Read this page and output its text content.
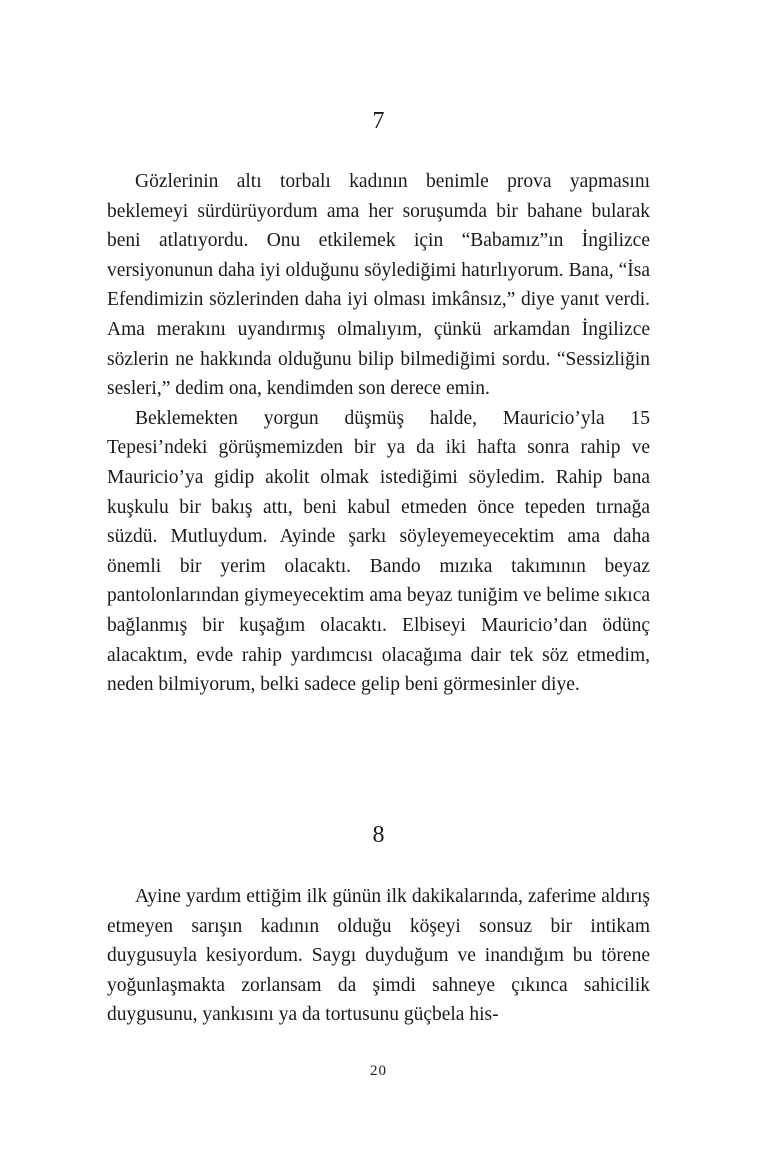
7

Gözlerinin altı torbalı kadının benimle prova yapmasını beklemeyi sürdürüyordum ama her soruşumda bir bahane bularak beni atlatıyordu. Onu etkilemek için “Babamız”ın İngilizce versiyonunun daha iyi olduğunu söylediğimi hatırlıyorum. Bana, “İsa Efendimizin sözlerinden daha iyi olması imkânsız,” diye yanıt verdi. Ama merakını uyandırmış olmalıyım, çünkü arkamdan İngilizce sözlerin ne hakkında olduğunu bilip bilmediğimi sordu. “Sessizliğin sesleri,” dedim ona, kendimden son derece emin.

Beklemekten yorgun düşmüş halde, Mauricio’yla 15 Tepesi’ndeki görüşmemizden bir ya da iki hafta sonra rahip ve Mauricio’ya gidip akolit olmak istediğimi söyledim. Rahip bana kuşkulu bir bakış attı, beni kabul etmeden önce tepeden tırnağa süzdü. Mutluydum. Ayinde şarkı söyleyemeyecektim ama daha önemli bir yerim olacaktı. Bando mızıka takımının beyaz pantolonlarından giymeyecektim ama beyaz tuniğim ve belime sıkıca bağlanmış bir kuşağım olacaktı. Elbiseyi Mauricio’dan ödünç alacaktım, evde rahip yardımcısı olacağıma dair tek söz etmedim, neden bilmiyorum, belki sadece gelip beni görmesinler diye.

8

Ayine yardım ettiğim ilk günün ilk dakikalarında, zaferime aldırış etmeyen sarışın kadının olduğu köşeyi sonsuz bir intikam duygusuyla kesiyordum. Saygı duyduğum ve inandığım bu törene yoğunlaşmakta zorlansam da şimdi sahneye çıkınca sahicilik duygusunu, yankısını ya da tortusunu güçbela his-

20
